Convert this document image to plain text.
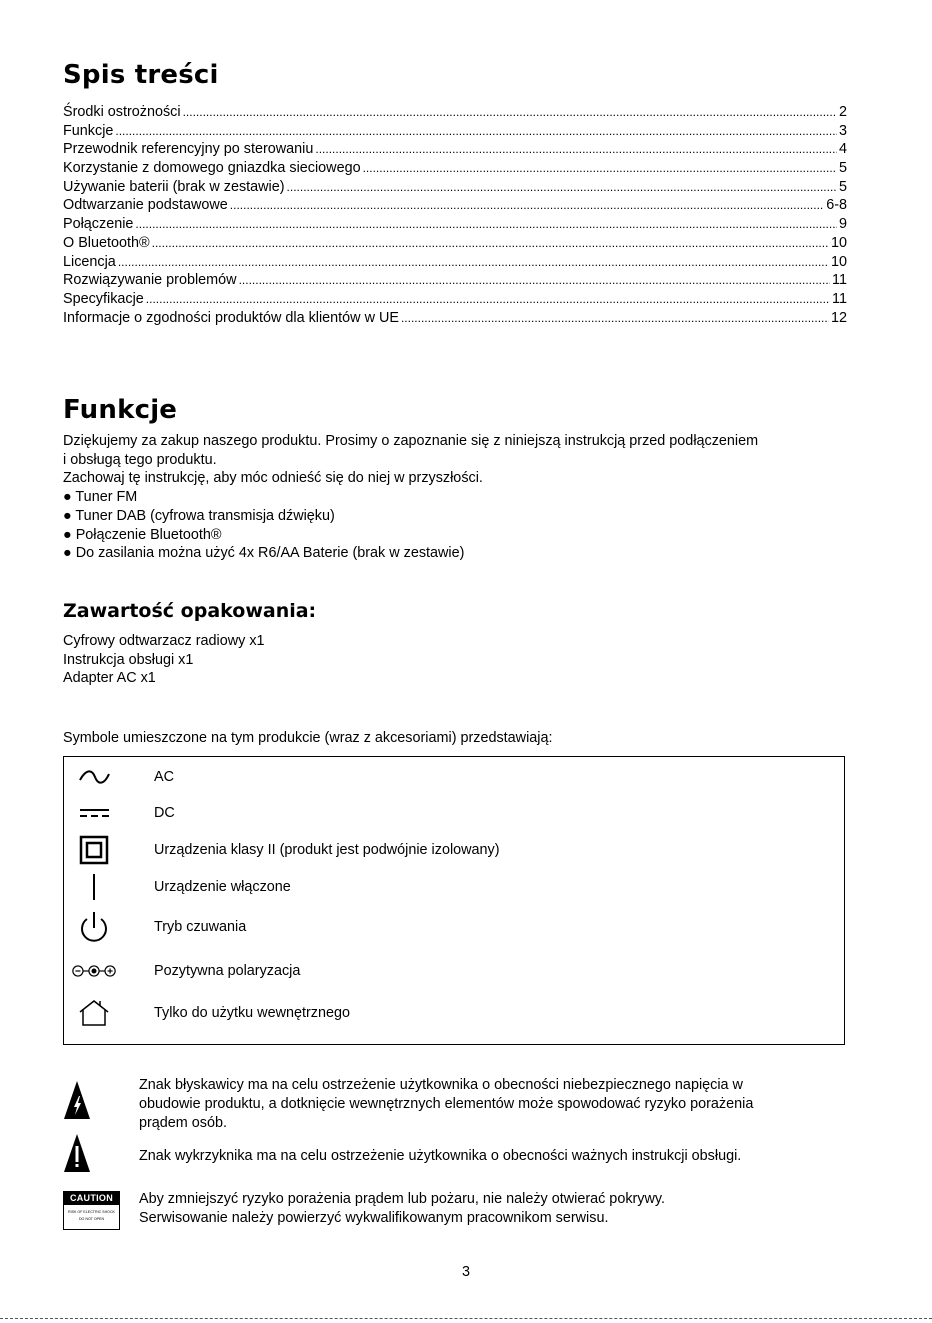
Spis treści
Środki ostrożności .....	2
Funkcje .....	3
Przewodnik referencyjny po sterowaniu .....	4
Korzystanie z domowego gniazdka sieciowego .....	5
Używanie baterii (brak w zestawie) .....	5
Odtwarzanie podstawowe .....	6-8
Połączenie .....	9
O Bluetooth® .....	10
Licencja .....	10
Rozwiązywanie problemów .....	11
Specyfikacje .....	11
Informacje o zgodności produktów dla klientów w UE .....	12
Funkcje
Dziękujemy za zakup naszego produktu. Prosimy o zapoznanie się z niniejszą instrukcją przed podłączeniem
i obsługą tego produktu.
Zachowaj tę instrukcję, aby móc odnieść się do niej w przyszłości.
● Tuner FM
● Tuner DAB (cyfrowa transmisja dźwięku)
● Połączenie Bluetooth®
● Do zasilania można użyć 4x R6/AA Baterie (brak w zestawie)
Zawartość opakowania:
Cyfrowy odtwarzacz radiowy x1
Instrukcja obsługi x1
Adapter AC x1
Symbole umieszczone na tym produkcie (wraz z akcesoriami) przedstawiają:
AC
DC
Urządzenia klasy II (produkt jest podwójnie izolowany)
Urządzenie włączone
Tryb czuwania
Pozytywna polaryzacja
Tylko do użytku wewnętrznego
Znak błyskawicy ma na celu ostrzeżenie użytkownika o obecności niebezpiecznego napięcia w
obudowie produktu, a dotknięcie wewnętrznych elementów może spowodować ryzyko porażenia
prądem osób.
Znak wykrzyknika ma na celu ostrzeżenie użytkownika o obecności ważnych instrukcji obsługi.
CAUTION
RISK OF ELECTRIC SHOCK
DO NOT OPEN
Aby zmniejszyć ryzyko porażenia prądem lub pożaru, nie należy otwierać pokrywy.
Serwisowanie należy powierzyć wykwalifikowanym pracownikom serwisu.
3
